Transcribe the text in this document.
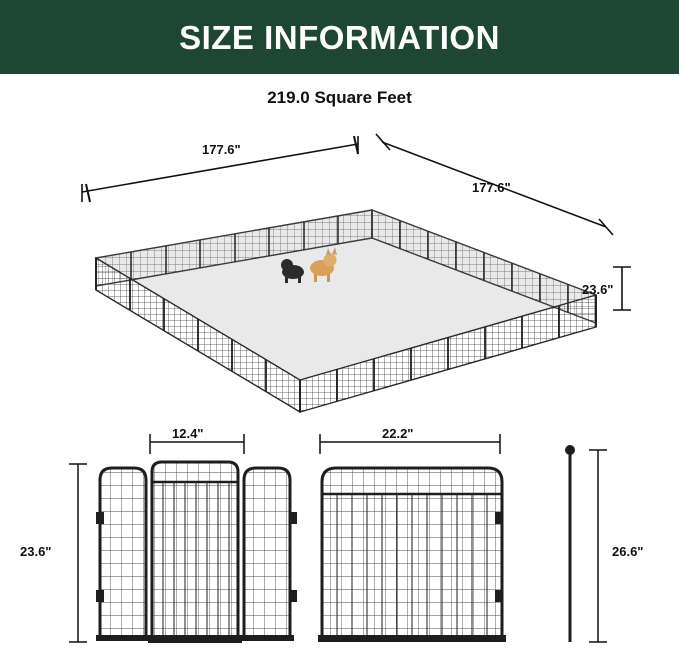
SIZE INFORMATION
219.0 Square Feet
177.6"
177.6"
23.6"
12.4"	22.2"
23.6"	26.6"
